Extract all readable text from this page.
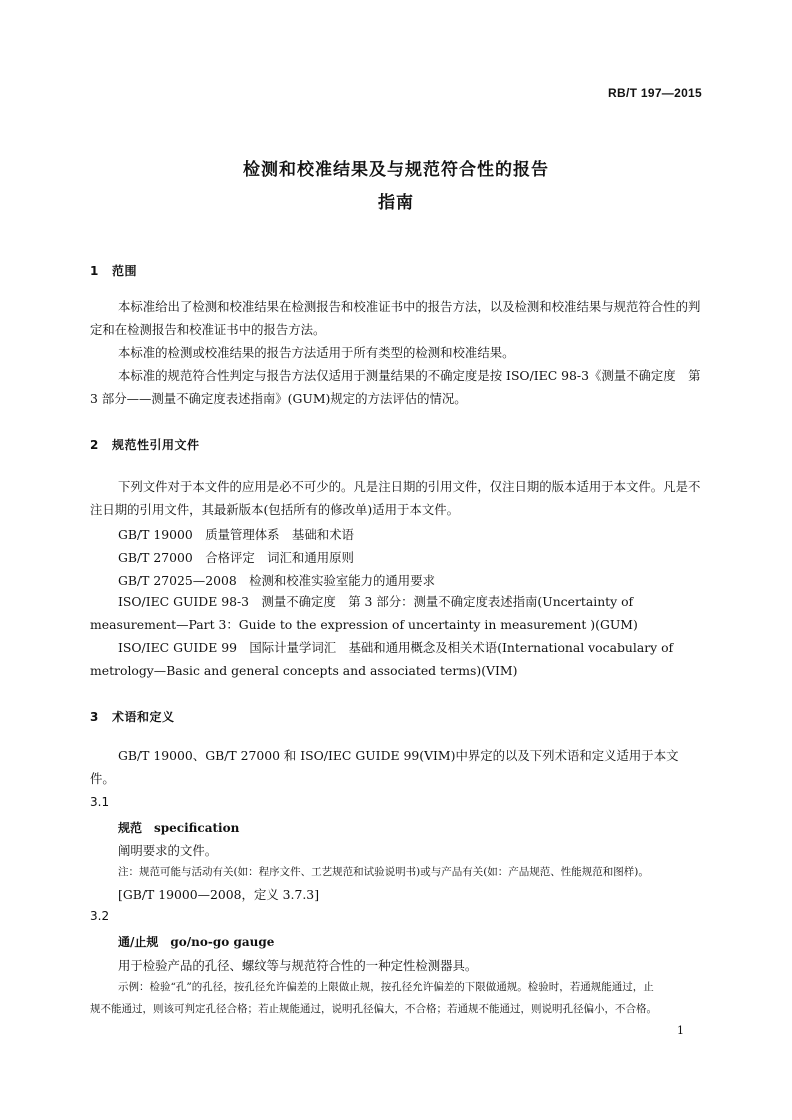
RB/T 197—2015
检测和校准结果及与规范符合性的报告
指南
1 范围

本标准给出了检测和校准结果在检测报告和校准证书中的报告方法，以及检测和校准结果与规范符合性的判定和在检测报告和校准证书中的报告方法。

本标准的检测或校准结果的报告方法适用于所有类型的检测和校准结果。

本标准的规范符合性判定与报告方法仅适用于测量结果的不确定度是按 ISO/IEC 98-3《测量不确定度　第 3 部分——测量不确定度表述指南》(GUM)规定的方法评估的情况。

2 规范性引用文件

下列文件对于本文件的应用是必不可少的。凡是注日期的引用文件，仅注日期的版本适用于本文件。凡是不注日期的引用文件，其最新版本(包括所有的修改单)适用于本文件。

GB/T 19000　质量管理体系　基础和术语
GB/T 27000　合格评定　词汇和通用原则
GB/T 27025—2008　检测和校准实验室能力的通用要求

ISO/IEC GUIDE 98-3　测量不确定度　第 3 部分：测量不确定度表述指南(Uncertainty of measurement—Part 3：Guide to the expression of uncertainty in measurement )(GUM)

ISO/IEC GUIDE 99　国际计量学词汇　基础和通用概念及相关术语(International vocabulary of metrology—Basic and general concepts and associated terms)(VIM)

3 术语和定义

GB/T 19000、GB/T 27000 和 ISO/IEC GUIDE 99(VIM)中界定的以及下列术语和定义适用于本文件。

3.1
规范 specification
阐明要求的文件。
注：规范可能与活动有关(如：程序文件、工艺规范和试验说明书)或与产品有关(如：产品规范、性能规范和图样)。
[GB/T 19000—2008，定义 3.7.3]
3.2
通/止规 go/no-go gauge
用于检验产品的孔径、螺纹等与规范符合性的一种定性检测器具。
示例：检验“孔”的孔径，按孔径允许偏差的上限做止规，按孔径允许偏差的下限做通规。检验时，若通规能通过，止
规不能通过，则该可判定孔径合格；若止规能通过，说明孔径偏大，不合格；若通规不能通过，则说明孔径偏小，不合格。
1
